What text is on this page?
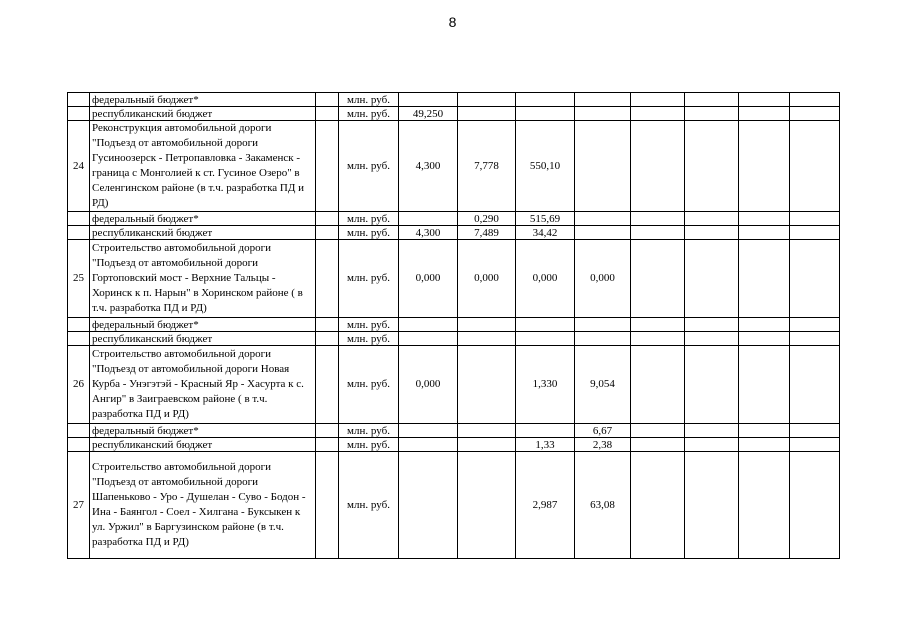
8
	федеральный бюджет*		млн. руб.								
	республиканский бюджет		млн. руб.	49,250							
24	Реконструкция автомобильной дороги "Подъезд от автомобильной дороги Гусиноозерск - Петропавловка - Закаменск - граница с Монголией к ст. Гусиное Озеро" в Селенгинском районе (в т.ч. разработка ПД и РД)		млн. руб.	4,300	7,778	550,10					
	федеральный бюджет*		млн. руб.		0,290	515,69					
	республиканский бюджет		млн. руб.	4,300	7,489	34,42					
25	Строительство автомобильной дороги "Подъезд от автомобильной дороги Гортоповский мост - Верхние Тальцы - Хоринск к п. Нарын" в Хоринском районе ( в т.ч. разработка ПД и РД)		млн. руб.	0,000	0,000	0,000	0,000				
	федеральный бюджет*		млн. руб.								
	республиканский бюджет		млн. руб.								
26	Строительство автомобильной дороги "Подъезд от автомобильной дороги Новая Курба - Унэгэтэй - Красный Яр - Хасурта к с. Ангир" в Заиграевском районе ( в т.ч. разработка ПД и РД)		млн. руб.	0,000		1,330	9,054				
	федеральный бюджет*		млн. руб.				6,67				
	республиканский бюджет		млн. руб.			1,33	2,38				
27	Строительство автомобильной дороги "Подъезд от автомобильной дороги Шапеньково - Уро - Душелан - Суво - Бодон - Ина - Баянгол - Соел - Хилгана - Буксыкен к ул. Уржил" в Баргузинском районе (в т.ч. разработка ПД и РД)		млн. руб.			2,987	63,08				
